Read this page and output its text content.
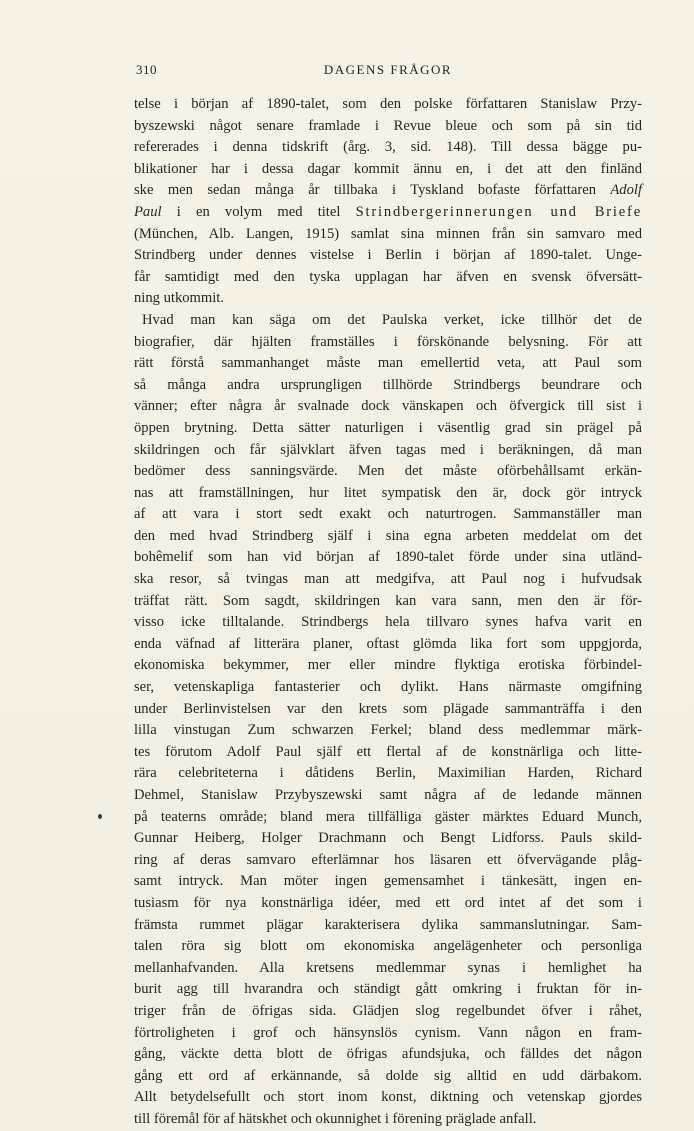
310	DAGENS FRÅGOR
telse i början af 1890-talet, som den polske författaren Stanislaw Przy-
byszewski något senare framlade i Revue bleue och som på sin tid
refererades i denna tidskrift (årg. 3, sid. 148). Till dessa bägge pu-
blikationer har i dessa dagar kommit ännu en, i det att den finländ
ske men sedan många år tillbaka i Tyskland bofaste författaren Adolf
Paul i en volym med titel Strindbergerinnerungen und Briefe
(München, Alb. Langen, 1915) samlat sina minnen från sin samvaro med
Strindberg under dennes vistelse i Berlin i början af 1890-talet. Unge-
får samtidigt med den tyska upplagan har äfven en svensk öfversätt-
ning utkommit.
Hvad man kan säga om det Paulska verket, icke tillhör det de
biografier, där hjälten framställes i förskönande belysning. För att
rätt förstå sammanhanget måste man emellertid veta, att Paul som
så många andra ursprungligen tillhörde Strindbergs beundrare och
vänner; efter några år svalnade dock vänskapen och öfvergick till sist i
öppen brytning. Detta sätter naturligen i väsentlig grad sin prägel på
skildringen och får självklart äfven tagas med i beräkningen, då man
bedömer dess sanningsvärde. Men det måste oförbehållsamt erkän-
nas att framställningen, hur litet sympatisk den är, dock gör intryck
af att vara i stort sedt exakt och naturtrogen. Sammanställer man
den med hvad Strindberg själf i sina egna arbeten meddelat om det
bohêmelif som han vid början af 1890-talet förde under sina utländ-
ska resor, så tvingas man att medgifva, att Paul nog i hufvudsak
träffat rätt. Som sagdt, skildringen kan vara sann, men den är för-
visso icke tilltalande. Strindbergs hela tillvaro synes hafva varit en
enda väfnad af litterära planer, oftast glömda lika fort som uppgjorda,
ekonomiska bekymmer, mer eller mindre flyktiga erotiska förbindel-
ser, vetenskapliga fantasterier och dylikt. Hans närmaste omgifning
under Berlinvistelsen var den krets som plägade sammanträffa i den
lilla vinstugan Zum schwarzen Ferkel; bland dess medlemmar märk-
tes förutom Adolf Paul själf ett flertal af de konstnärliga och litte-
rära celebriteterna i dåtidens Berlin, Maximilian Harden, Richard
Dehmel, Stanislaw Przybyszewski samt några af de ledande männen
på teaterns område; bland mera tillfälliga gäster märktes Eduard Munch,
Gunnar Heiberg, Holger Drachmann och Bengt Lidforss. Pauls skild-
ring af deras samvaro efterlämnar hos läsaren ett öfvervägande plåg-
samt intryck. Man möter ingen gemensamhet i tänkesätt, ingen en-
tusiasm för nya konstnärliga idéer, med ett ord intet af det som i
främsta rummet plägar karakterisera dylika sammanslutningar. Sam-
talen röra sig blott om ekonomiska angelägenheter och personliga
mellanhafvanden. Alla kretsens medlemmar synas i hemlighet ha
burit agg till hvarandra och ständigt gått omkring i fruktan för in-
triger från de öfrigas sida. Glädjen slog regelbundet öfver i råhet,
förtroligheten i grof och hänsynslös cynism. Vann någon en fram-
gång, väckte detta blott de öfrigas afundsjuka, och fälldes det någon
gång ett ord af erkännande, så dolde sig alltid en udd därbakom.
Allt betydelsefullt och stort inom konst, diktning och vetenskap gjordes
till föremål för af hätskhet och okunnighet i förening präglade anfall.
